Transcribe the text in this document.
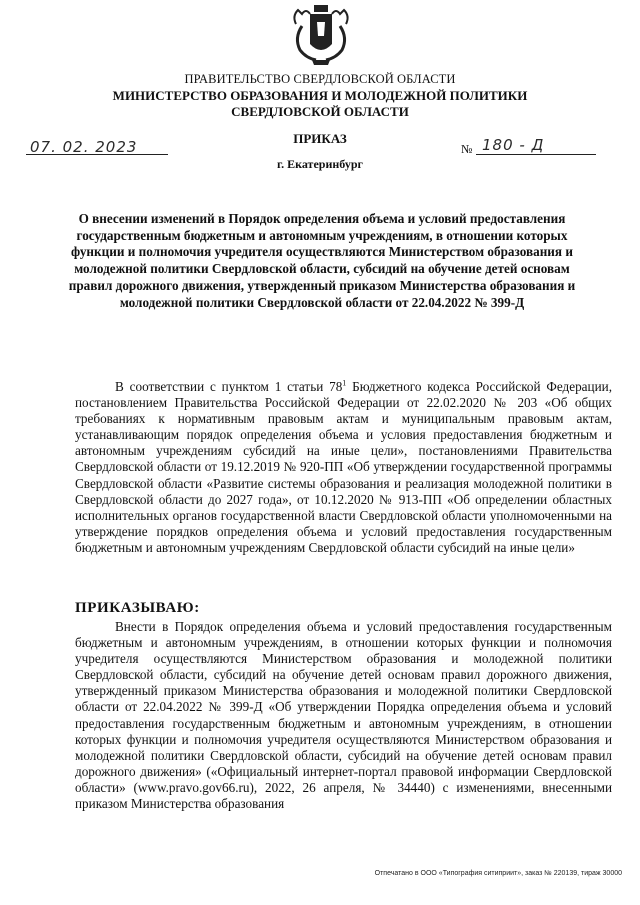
ПРАВИТЕЛЬСТВО СВЕРДЛОВСКОЙ ОБЛАСТИ
МИНИСТЕРСТВО ОБРАЗОВАНИЯ И МОЛОДЕЖНОЙ ПОЛИТИКИ
СВЕРДЛОВСКОЙ ОБЛАСТИ
ПРИКАЗ
07. 02. 2023	№ 180 - Д
г. Екатеринбург
О внесении изменений в Порядок определения объема и условий предоставления государственным бюджетным и автономным учреждениям, в отношении которых функции и полномочия учредителя осуществляются Министерством образования и молодежной политики Свердловской области, субсидий на обучение детей основам правил дорожного движения, утвержденный приказом Министерства образования и молодежной политики Свердловской области от 22.04.2022 № 399-Д

В соответствии с пунктом 1 статьи $78^1$ Бюджетного кодекса Российской Федерации, постановлением Правительства Российской Федерации от 22.02.2020 № 203 «Об общих требованиях к нормативным правовым актам и муниципальным правовым актам, устанавливающим порядок определения объема и условия предоставления бюджетным и автономным учреждениям субсидий на иные цели», постановлениями Правительства Свердловской области от 19.12.2019 № 920-ПП «Об утверждении государственной программы Свердловской области «Развитие системы образования и реализация молодежной политики в Свердловской области до 2027 года», от 10.12.2020 № 913-ПП «Об определении областных исполнительных органов государственной власти Свердловской области уполномоченными на утверждение порядков определения объема и условий предоставления государственным бюджетным и автономным учреждениям Свердловской области субсидий на иные цели»

ПРИКАЗЫВАЮ:

Внести в Порядок определения объема и условий предоставления государственным бюджетным и автономным учреждениям, в отношении которых функции и полномочия учредителя осуществляются Министерством образования и молодежной политики Свердловской области, субсидий на обучение детей основам правил дорожного движения, утвержденный приказом Министерства образования и молодежной политики Свердловской области от 22.04.2022 № 399-Д «Об утверждении Порядка определения объема и условий предоставления государственным бюджетным и автономным учреждениям, в отношении которых функции и полномочия учредителя осуществляются Министерством образования и молодежной политики Свердловской области, субсидий на обучение детей основам правил дорожного движения» («Официальный интернет-портал правовой информации Свердловской области» (www.pravo.gov66.ru), 2022, 26 апреля, № 34440) с изменениями, внесенными приказом Министерства образования

Отпечатано в ООО «Типография ситиприит», заказ № 220139, тираж 30000
